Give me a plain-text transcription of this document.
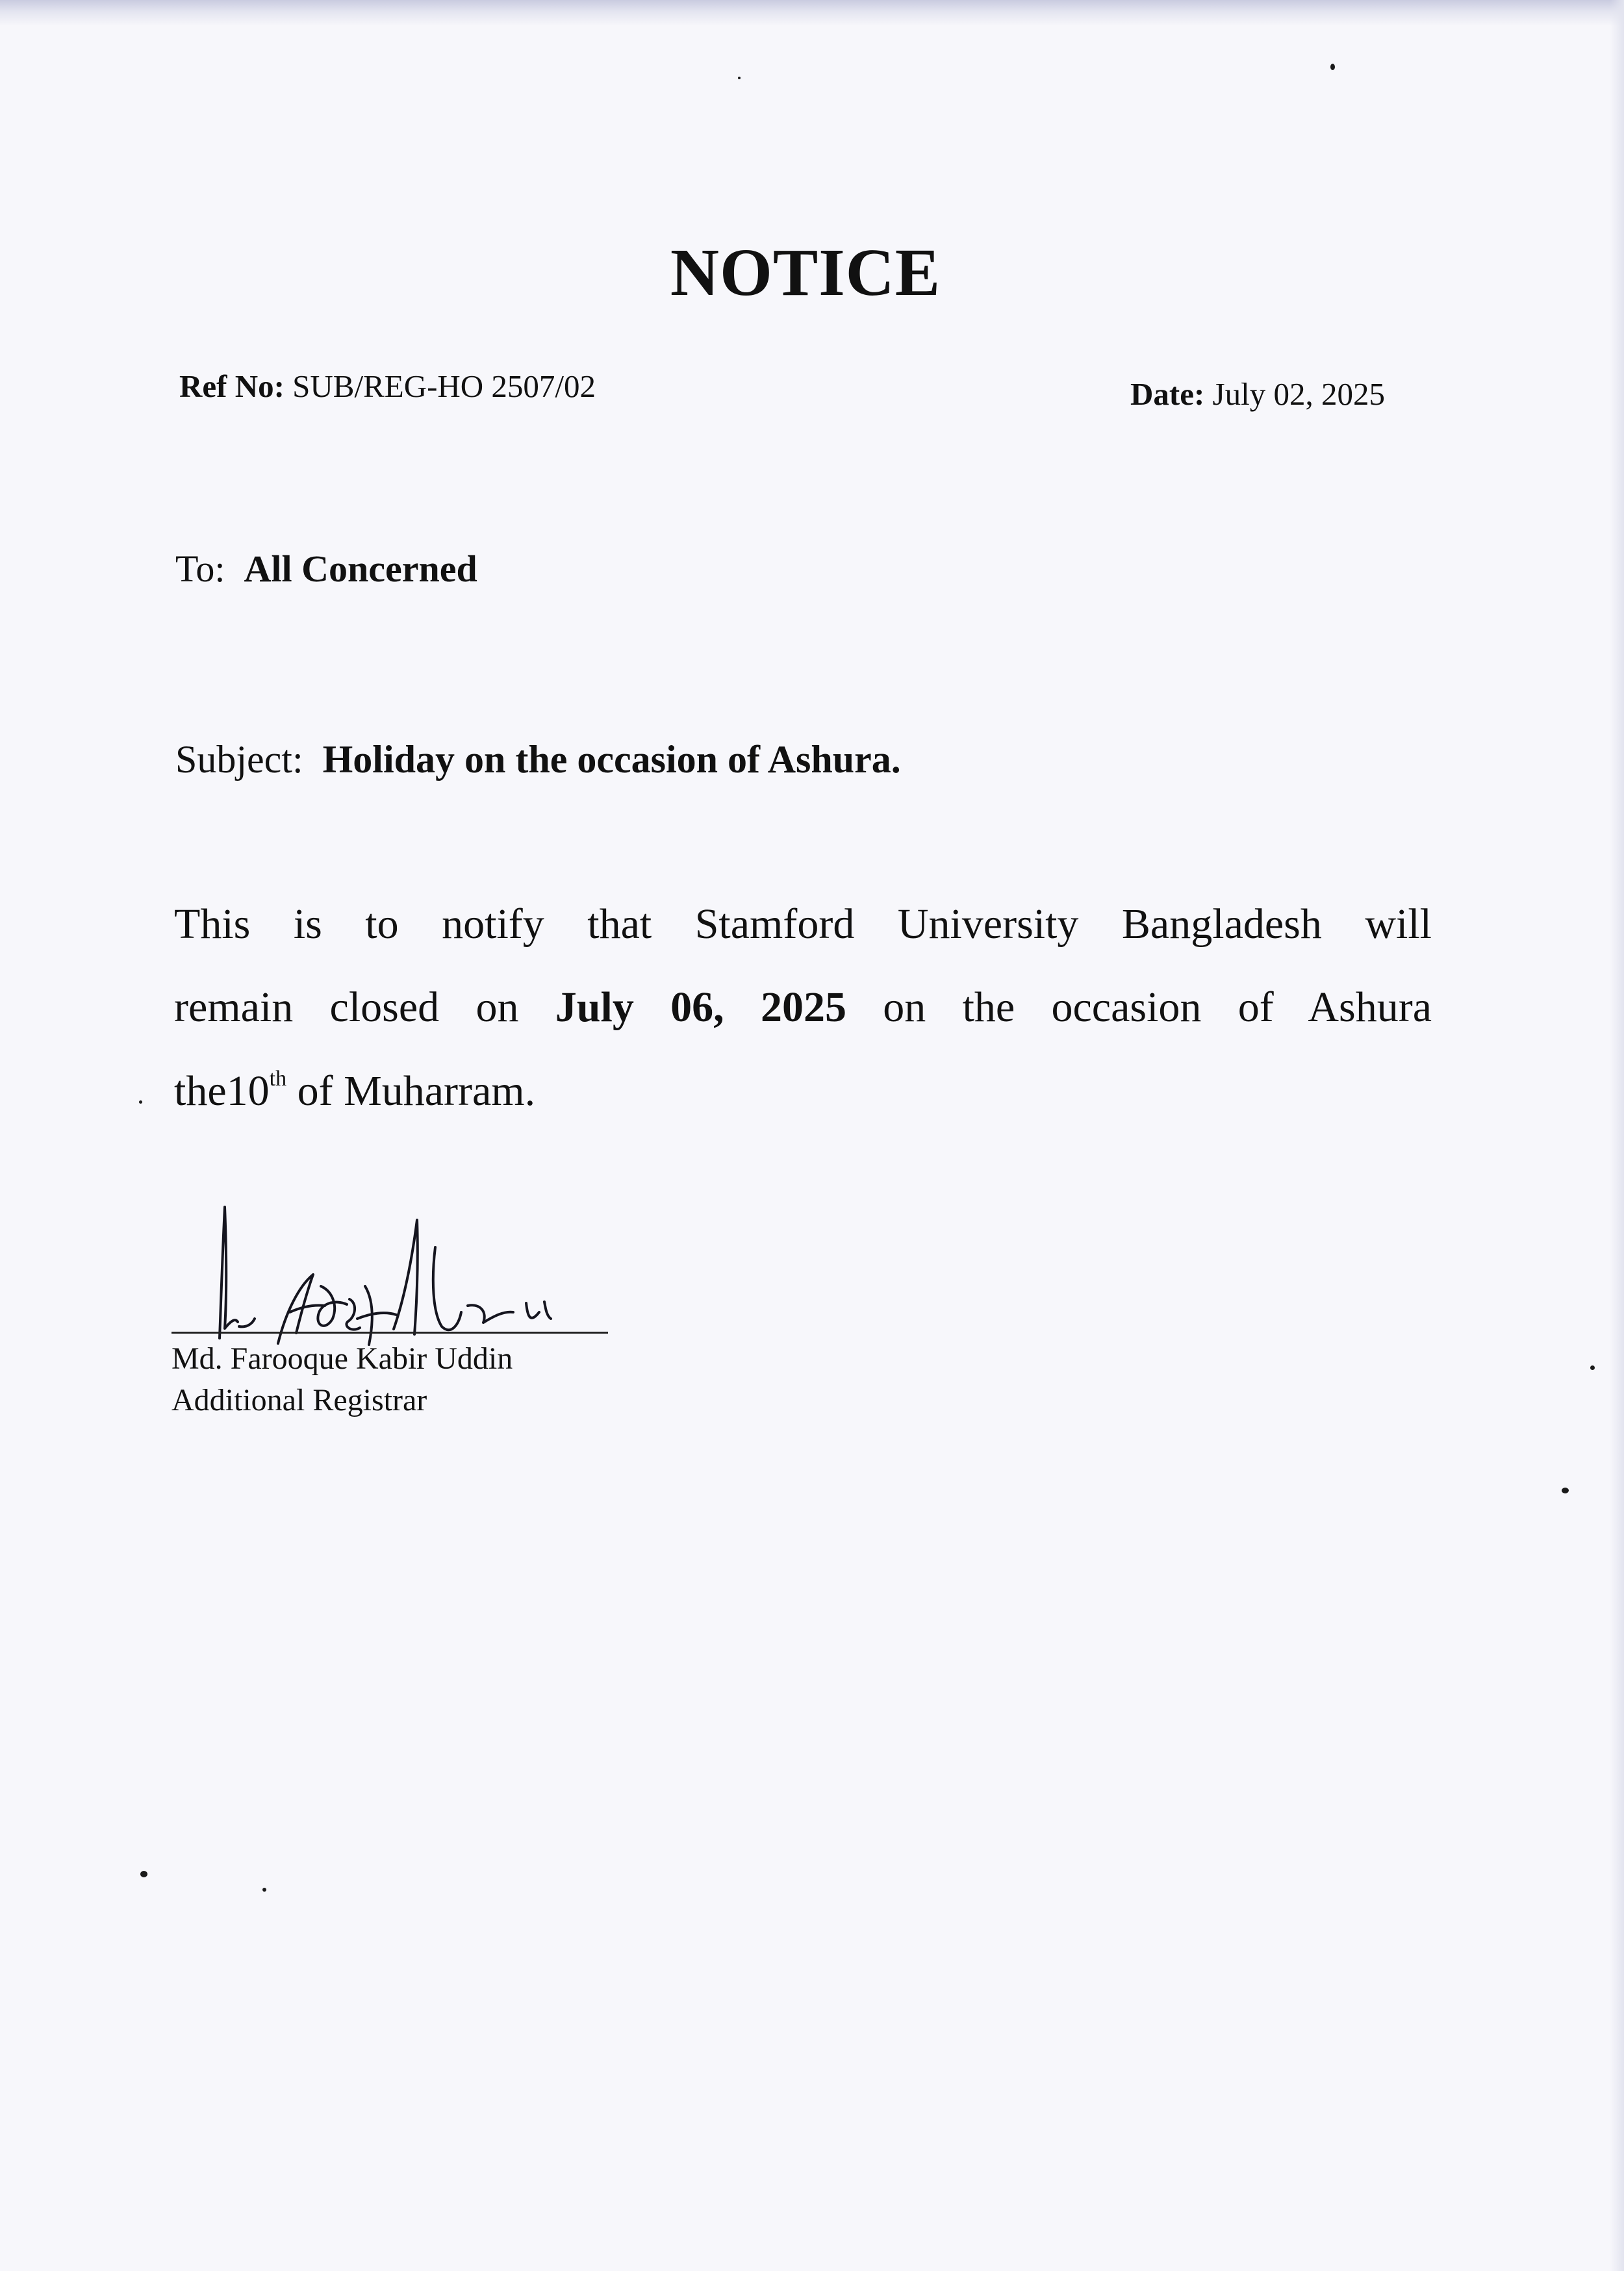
NOTICE
Ref No: SUB/REG-HO 2507/02	Date: July 02, 2025
To: All Concerned
Subject: Holiday on the occasion of Ashura.
This is to notify that Stamford University Bangladesh will
remain closed on July 06, 2025 on the occasion of Ashura
the10th of Muharram.
Md. Farooque Kabir Uddin
Additional Registrar
